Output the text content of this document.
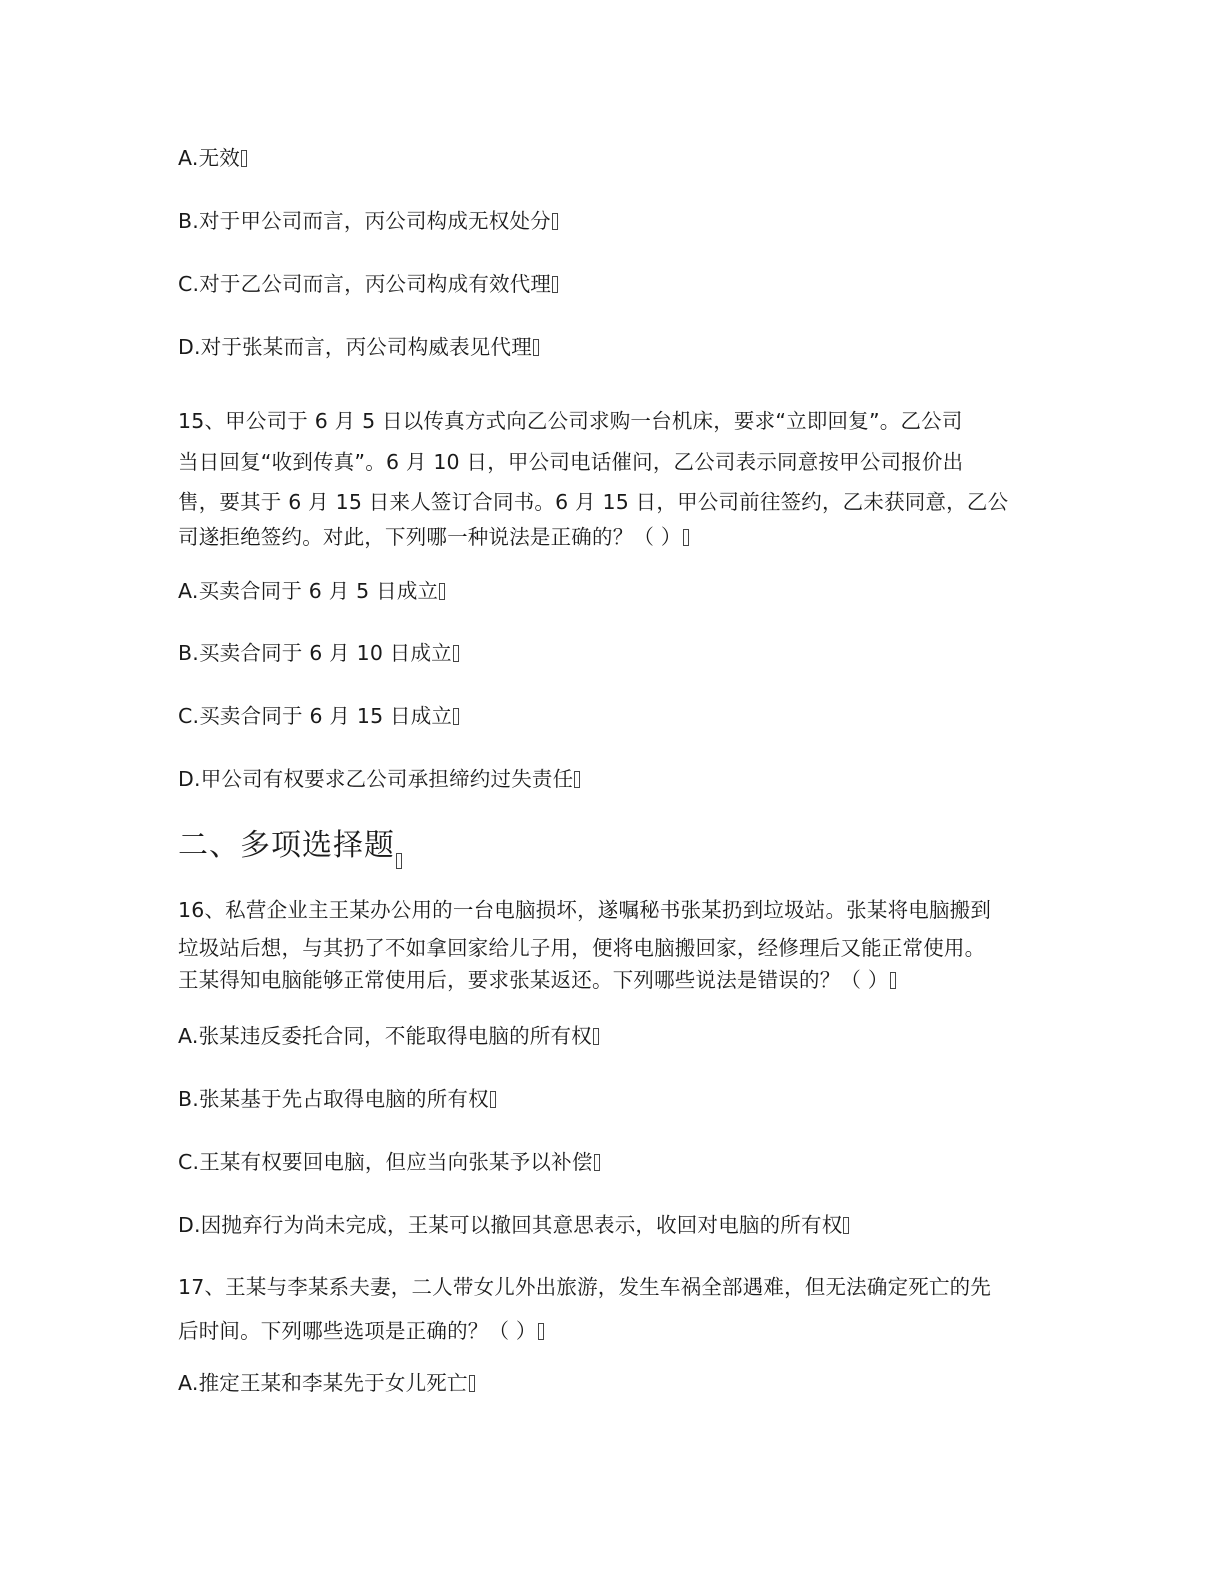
A.无效
B.对于甲公司而言，丙公司构成无权处分
C.对于乙公司而言，丙公司构成有效代理
D.对于张某而言，丙公司构威表见代理
15、甲公司于 6 月 5 日以传真方式向乙公司求购一台机床，要求“立即回复”。乙公司
当日回复“收到传真”。6 月 10 日，甲公司电话催问，乙公司表示同意按甲公司报价出
售，要其于 6 月 15 日来人签订合同书。6 月 15 日，甲公司前往签约，乙未获同意，乙公
司遂拒绝签约。对此，下列哪一种说法是正确的？（ ）
A.买卖合同于 6 月 5 日成立
B.买卖合同于 6 月 10 日成立
C.买卖合同于 6 月 15 日成立
D.甲公司有权要求乙公司承担缔约过失责任
二、多项选择题
16、私营企业主王某办公用的一台电脑损坏，遂嘱秘书张某扔到垃圾站。张某将电脑搬到
垃圾站后想，与其扔了不如拿回家给儿子用，便将电脑搬回家，经修理后又能正常使用。
王某得知电脑能够正常使用后，要求张某返还。下列哪些说法是错误的？（ ）
A.张某违反委托合同，不能取得电脑的所有权
B.张某基于先占取得电脑的所有权
C.王某有权要回电脑，但应当向张某予以补偿
D.因抛弃行为尚未完成，王某可以撤回其意思表示，收回对电脑的所有权
17、王某与李某系夫妻，二人带女儿外出旅游，发生车祸全部遇难，但无法确定死亡的先
后时间。下列哪些选项是正确的？（ ）
A.推定王某和李某先于女儿死亡
